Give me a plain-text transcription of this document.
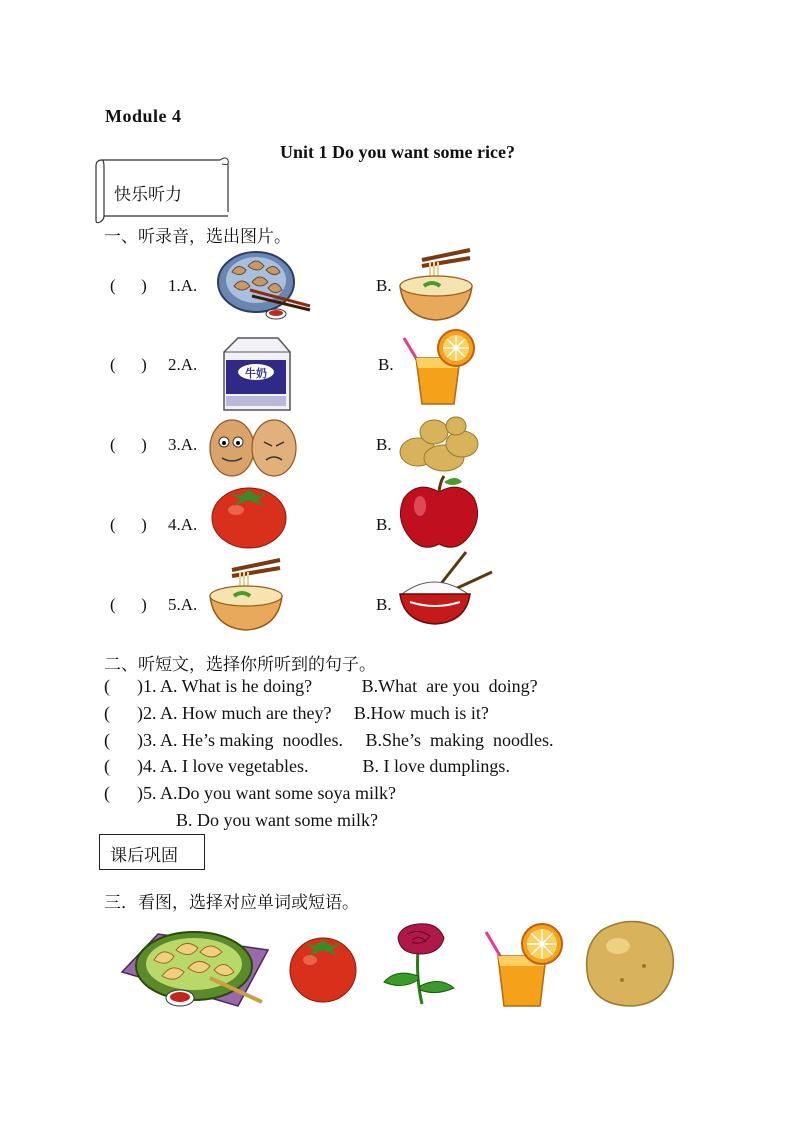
Module 4
Unit 1 Do you want some rice?
快乐听力
一、听录音，选出图片。
(      ) 1.A.	B.
(      ) 2.A.	牛奶	B.
(      ) 3.A.	B.
(      ) 4.A.	B.
(      ) 5.A.	B.
二、听短文，选择你所听到的句子。
(      )1. A. What is he doing?           B.What  are you  doing?
(      )2. A. How much are they?     B.How much is it?
(      )3. A. He’s making  noodles.     B.She’s  making  noodles.
(      )4. A. I love vegetables.            B. I love dumplings.
(      )5. A.Do you want some soya milk?
B. Do you want some milk?
课后巩固
三．看图，选择对应单词或短语。
